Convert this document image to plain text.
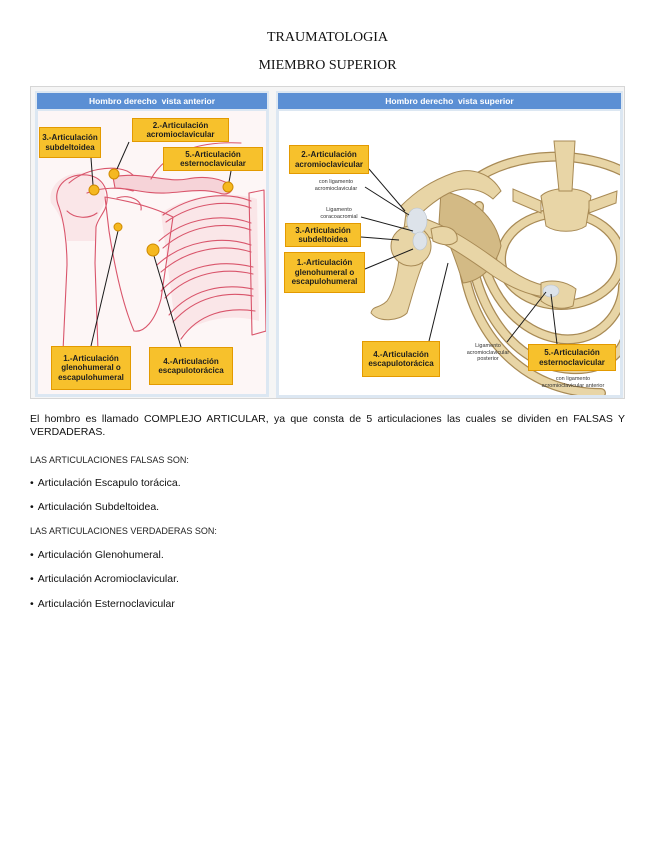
TRAUMATOLOGIA
MIEMBRO SUPERIOR
Hombro derecho  vista anterior	Hombro derecho  vista superior
3.-Articulación
subdeltoidea
2.-Articulación
acromioclavicular
5.-Articulación
esternoclavicular
1.-Articulación
glenohumeral o
escapulohumeral
4.-Articulación
escapulotorácica
2.-Articulación
acromioclavicular
con ligamento
acromioclavicular
Ligamento
coracoacromial
3.-Articulación
subdeltoidea
1.-Articulación
glenohumeral o
escapulohumeral
4.-Articulación
escapulotorácica
Ligamento
acromioclavicular
posterior
5.-Articulación
esternoclavicular
con ligamento
acromioclavicular anterior

El hombro es llamado COMPLEJO ARTICULAR, ya que consta de 5 articulaciones las cuales se dividen en FALSAS Y VERDADERAS.

LAS ARTICULACIONES FALSAS SON:
• Articulación Escapulo torácica.
• Articulación Subdeltoidea.
LAS ARTICULACIONES VERDADERAS SON:
• Articulación Glenohumeral.
• Articulación Acromioclavicular.
• Articulación Esternoclavicular
